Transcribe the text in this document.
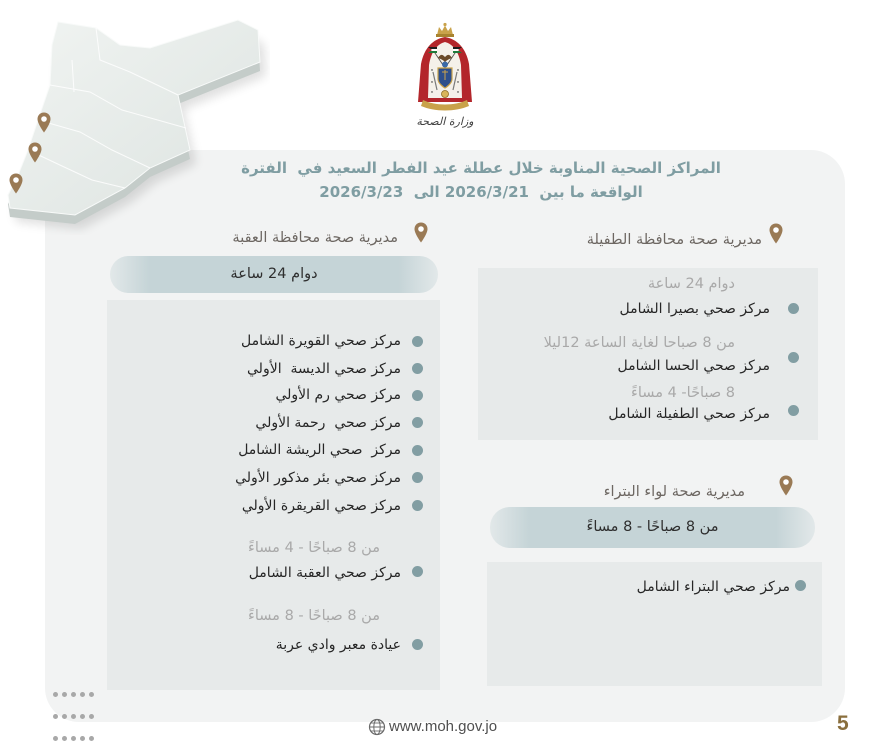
وزارة الصحة
المراكز الصحية المناوبة خلال عطلة عيد الفطر السعيد في  الفترة
الواقعة ما بين  2026/3/21 الى  2026/3/23
مديرية صحة محافظة الطفيلة
دوام 24 ساعة
مركز صحي بصيرا الشامل
من 8 صباحا لغاية الساعة 12ليلا
مركز صحي الحسا الشامل
8 صباحًا- 4 مساءً
مركز صحي الطفيلة الشامل
مديرية صحة لواء البتراء
من 8 صباحًا - 8 مساءً
مركز صحي البتراء الشامل
مديرية صحة محافظة العقبة
دوام 24 ساعة
مركز صحي القويرة الشامل
مركز صحي الديسة  الأولي
مركز صحي رم الأولي
مركز صحي  رحمة الأولي
مركز  صحي الريشة الشامل
مركز صحي بئر مذكور الأولي
مركز صحي القريقرة الأولي
من 8 صباحًا - 4 مساءً
مركز صحي العقبة الشامل
من 8 صباحًا - 8 مساءً
عيادة معبر وادي عربة
www.moh.gov.jo	5
